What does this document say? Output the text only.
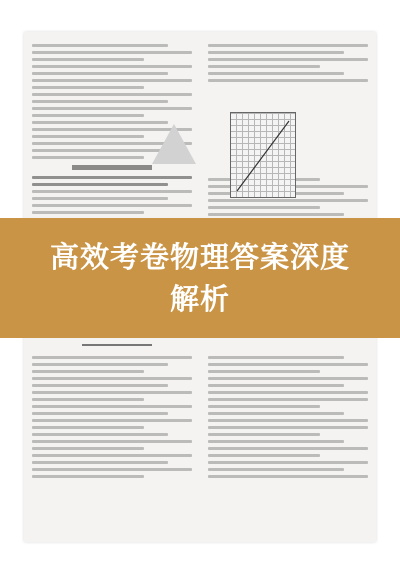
高效考卷物理答案深度
解析
